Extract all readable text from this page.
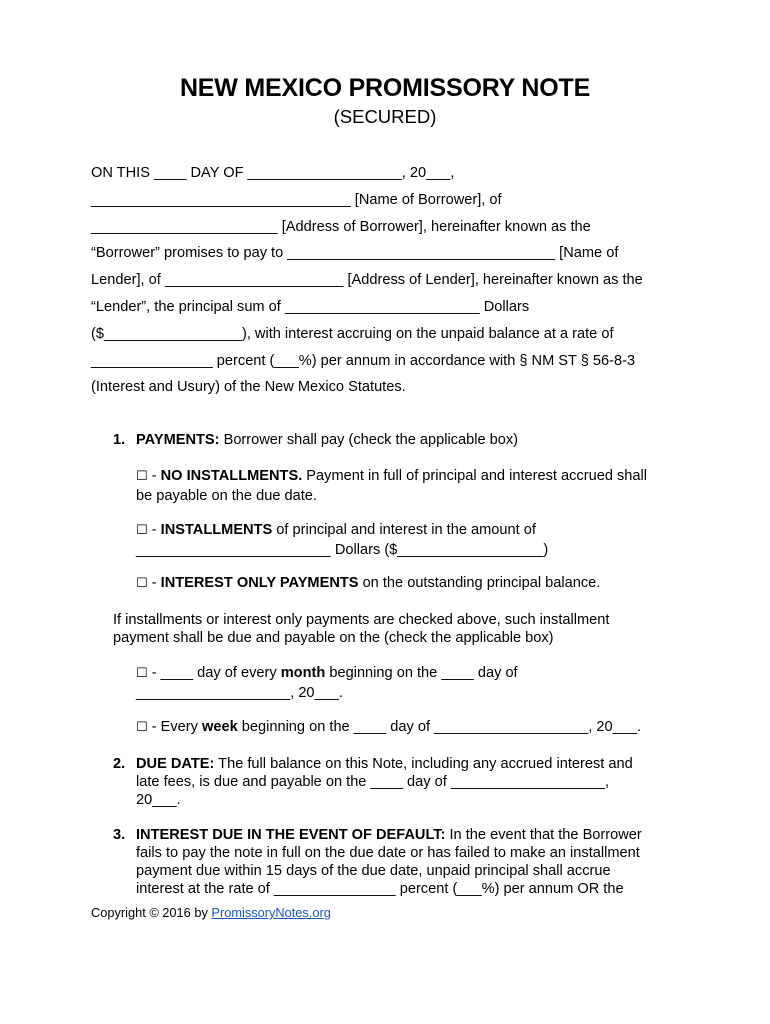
NEW MEXICO PROMISSORY NOTE
(SECURED)
ON THIS ____ DAY OF ___________________, 20___,
________________________________ [Name of Borrower], of
_______________________ [Address of Borrower], hereinafter known as the
“Borrower” promises to pay to _________________________________ [Name of
Lender], of ______________________ [Address of Lender], hereinafter known as the
“Lender”, the principal sum of ________________________ Dollars
($_________________), with interest accruing on the unpaid balance at a rate of
_______________ percent (___%) per annum in accordance with § NM ST § 56-8-3
(Interest and Usury) of the New Mexico Statutes.
1. PAYMENTS: Borrower shall pay (check the applicable box)
☐ - NO INSTALLMENTS. Payment in full of principal and interest accrued shall
be payable on the due date.
☐ - INSTALLMENTS of principal and interest in the amount of
________________________ Dollars ($__________________)
☐ - INTEREST ONLY PAYMENTS on the outstanding principal balance.
If installments or interest only payments are checked above, such installment
payment shall be due and payable on the (check the applicable box)
☐ - ____ day of every month beginning on the ____ day of
___________________, 20___.
☐ - Every week beginning on the ____ day of ___________________, 20___.
2. DUE DATE: The full balance on this Note, including any accrued interest and
late fees, is due and payable on the ____ day of ___________________,
20___.
3. INTEREST DUE IN THE EVENT OF DEFAULT: In the event that the Borrower
fails to pay the note in full on the due date or has failed to make an installment
payment due within 15 days of the due date, unpaid principal shall accrue
interest at the rate of _______________ percent (___%) per annum OR the
Copyright © 2016 by PromissoryNotes.org
